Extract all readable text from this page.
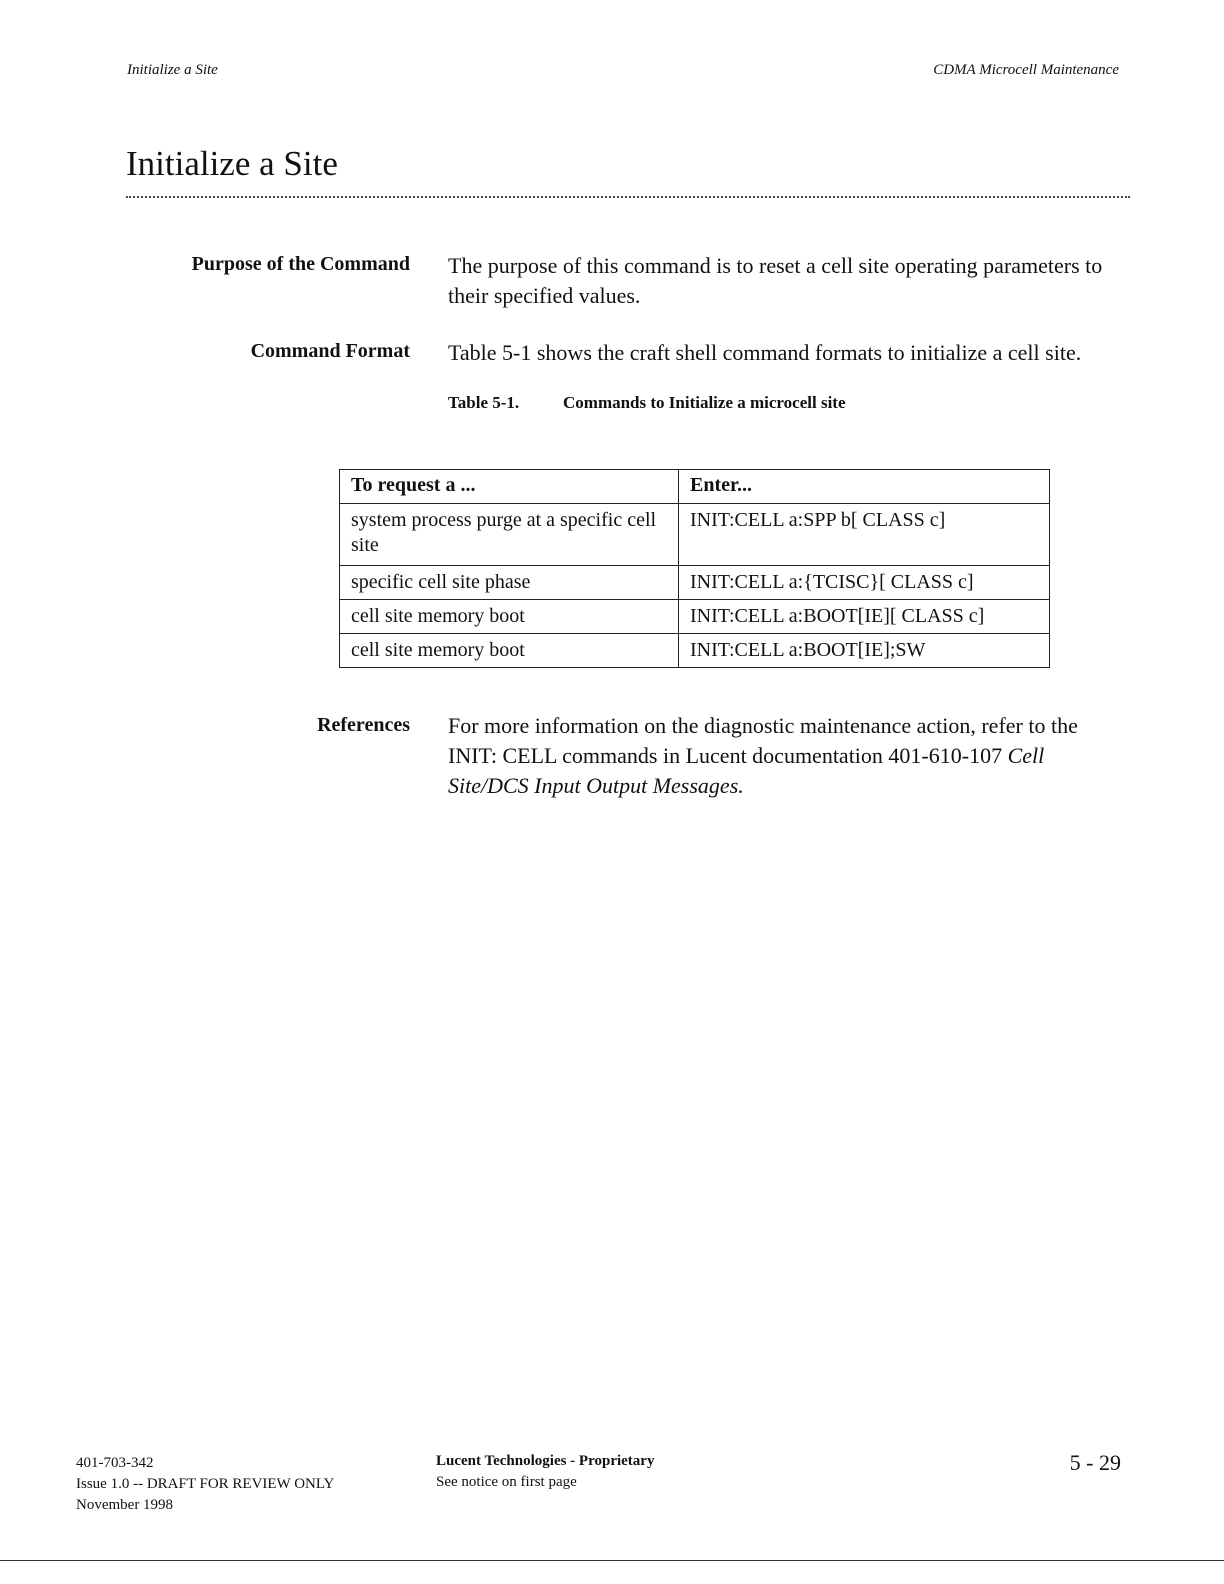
Initialize a Site	CDMA Microcell Maintenance
Initialize a Site
Purpose of the Command The purpose of this command is to reset a cell site operating parameters to their specified values.
Command Format Table 5-1 shows the craft shell command formats to initialize a cell site.
Table 5-1.	Commands to Initialize a microcell site
To request a ...	Enter...
system process purge at a specific cell site	INIT:CELL a:SPP b[ CLASS c]
specific cell site phase	INIT:CELL a:{TCISC}[ CLASS c]
cell site memory boot	INIT:CELL a:BOOT[IE][ CLASS c]
cell site memory boot	INIT:CELL a:BOOT[IE];SW
References For more information on the diagnostic maintenance action, refer to the INIT: CELL commands in Lucent documentation 401-610-107 Cell Site/DCS Input Output Messages.
401-703-342
Issue 1.0 -- DRAFT FOR REVIEW ONLY
November 1998
Lucent Technologies - Proprietary
See notice on first page
5 - 29
